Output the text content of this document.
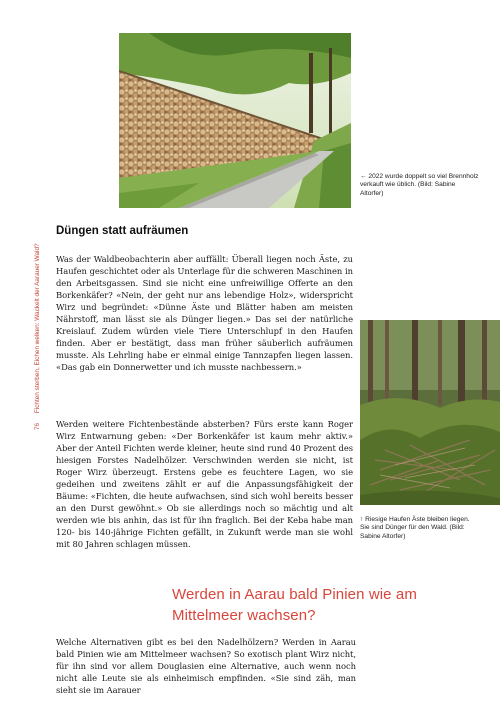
76 Fichten sterben, Eichen welken: Wackelt der Aarauer Wald?
← 2022 wurde doppelt so viel Brennholz verkauft wie üblich. (Bild: Sabine Altorfer)
Düngen statt aufräumen

Was der Waldbeobachterin aber auffällt: Überall liegen noch Äste, zu Haufen geschichtet oder als Unterlage für die schweren Maschinen in den Arbeitsgassen. Sind sie nicht eine unfreiwillige Offerte an den Borkenkäfer? «Nein, der geht nur ans lebendige Holz», widerspricht Wirz und begründet: «Dünne Äste und Blätter haben am meisten Nährstoff, man lässt sie als Dünger liegen.» Das sei der natürliche Kreislauf. Zudem würden viele Tiere Unterschlupf in den Haufen finden. Aber er bestätigt, dass man früher säuberlich aufräumen musste. Als Lehrling habe er einmal einige Tannzapfen liegen lassen. «Das gab ein Donnerwetter und ich musste nachbessern.»

↑ Riesige Haufen Äste bleiben liegen. Sie sind Dünger für den Wald. (Bild: Sabine Altorfer)

Werden weitere Fichtenbestände absterben? Fürs erste kann Roger Wirz Entwarnung geben: «Der Borkenkäfer ist kaum mehr aktiv.» Aber der Anteil Fichten werde kleiner, heute sind rund 40 Prozent des hiesigen Forstes Nadelhölzer. Verschwinden werden sie nicht, ist Roger Wirz überzeugt. Erstens gebe es feuchtere Lagen, wo sie gedeihen und zweitens zählt er auf die Anpassungsfähigkeit der Bäume: «Fichten, die heute aufwachsen, sind sich wohl bereits besser an den Durst gewöhnt.» Ob sie allerdings noch so mächtig und alt werden wie bis anhin, das ist für ihn fraglich. Bei der Keba habe man 120- bis 140-jährige Fichten gefällt, in Zukunft werde man sie wohl mit 80 Jahren schlagen müssen.

Werden in Aarau bald Pinien wie am Mittelmeer wachsen?

Welche Alternativen gibt es bei den Nadelhölzern? Werden in Aarau bald Pinien wie am Mittelmeer wachsen? So exotisch plant Wirz nicht, für ihn sind vor allem Douglasien eine Alternative, auch wenn noch nicht alle Leute sie als einheimisch empfinden. «Sie sind zäh, man sieht sie im Aarauer
